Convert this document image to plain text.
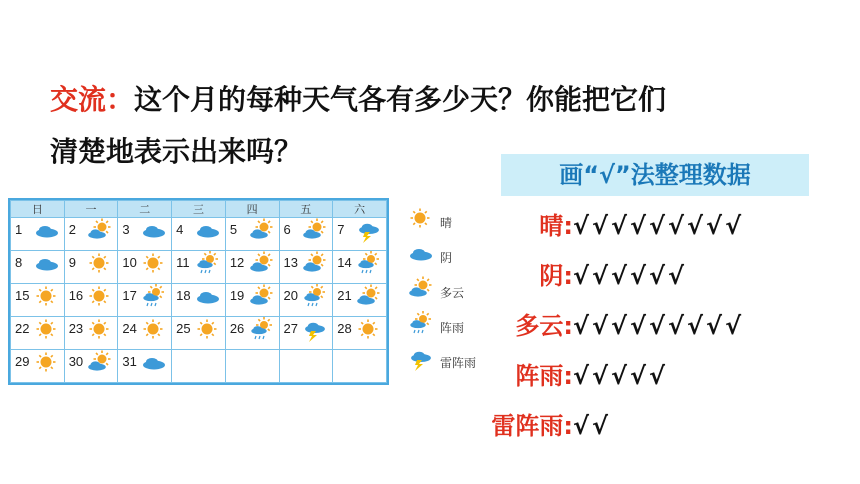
交流：这个月的每种天气各有多少天？你能把它们
清楚地表示出来吗？
画“√”法整理数据
日	一	二	三	四	五	六

1	2	3	4	5	6	7

8	9	10	11	12	13	14

15	16	17	18	19	20	21

22	23	24	25	26	27	28

29	30	31				

晴
阴
多云
阵雨
雷阵雨
晴:√√√√√√√√√
阴:√√√√√√
多云:√√√√√√√√√
阵雨:√√√√√
雷阵雨:√√
